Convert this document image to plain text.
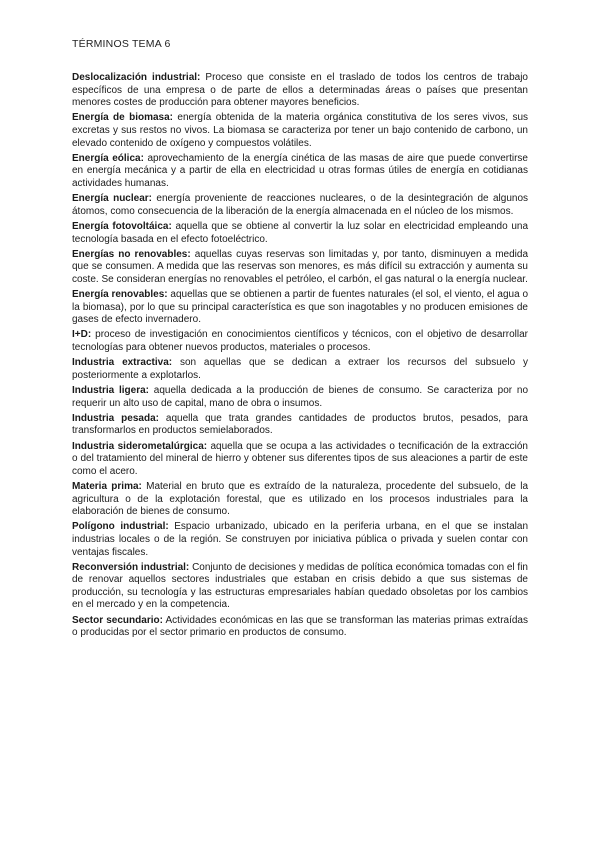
TÉRMINOS TEMA 6

Deslocalización industrial: Proceso que consiste en el traslado de todos los centros de trabajo específicos de una empresa o de parte de ellos a determinadas áreas o países que presentan menores costes de producción para obtener mayores beneficios.

Energía de biomasa: energía obtenida de la materia orgánica constitutiva de los seres vivos, sus excretas y sus restos no vivos. La biomasa se caracteriza por tener un bajo contenido de carbono, un elevado contenido de oxígeno y compuestos volátiles.

Energía eólica: aprovechamiento de la energía cinética de las masas de aire que puede convertirse en energía mecánica y a partir de ella en electricidad u otras formas útiles de energía en cotidianas actividades humanas.

Energía nuclear: energía proveniente de reacciones nucleares, o de la desintegración de algunos átomos, como consecuencia de la liberación de la energía almacenada en el núcleo de los mismos.

Energía fotovoltáica: aquella que se obtiene al convertir la luz solar en electricidad empleando una tecnología basada en el efecto fotoeléctrico.

Energías no renovables: aquellas cuyas reservas son limitadas y, por tanto, disminuyen a medida que se consumen. A medida que las reservas son menores, es más difícil su extracción y aumenta su coste. Se consideran energías no renovables el petróleo, el carbón, el gas natural o la energía nuclear.

Energía renovables: aquellas que se obtienen a partir de fuentes naturales (el sol, el viento, el agua o la biomasa), por lo que su principal característica es que son inagotables y no producen emisiones de gases de efecto invernadero.

I+D: proceso de investigación en conocimientos científicos y técnicos, con el objetivo de desarrollar tecnologías para obtener nuevos productos, materiales o procesos.

Industria extractiva: son aquellas que se dedican a extraer los recursos del subsuelo y posteriormente a explotarlos.

Industria ligera: aquella dedicada a la producción de bienes de consumo. Se caracteriza por no requerir un alto uso de capital, mano de obra o insumos.

Industria pesada: aquella que trata grandes cantidades de productos brutos, pesados, para transformarlos en productos semielaborados.

Industria siderometalúrgica: aquella que se ocupa a las actividades o tecnificación de la extracción o del tratamiento del mineral de hierro y obtener sus diferentes tipos de sus aleaciones a partir de este como el acero.

Materia prima: Material en bruto que es extraído de la naturaleza, procedente del subsuelo, de la agricultura o de la explotación forestal, que es utilizado en los procesos industriales para la elaboración de bienes de consumo.

Polígono industrial: Espacio urbanizado, ubicado en la periferia urbana, en el que se instalan industrias locales o de la región. Se construyen por iniciativa pública o privada y suelen contar con ventajas fiscales.

Reconversión industrial: Conjunto de decisiones y medidas de política económica tomadas con el fin de renovar aquellos sectores industriales que estaban en crisis debido a que sus sistemas de producción, su tecnología y las estructuras empresariales habían quedado obsoletas por los cambios en el mercado y en la competencia.

Sector secundario: Actividades económicas en las que se transforman las materias primas extraídas o producidas por el sector primario en productos de consumo.
